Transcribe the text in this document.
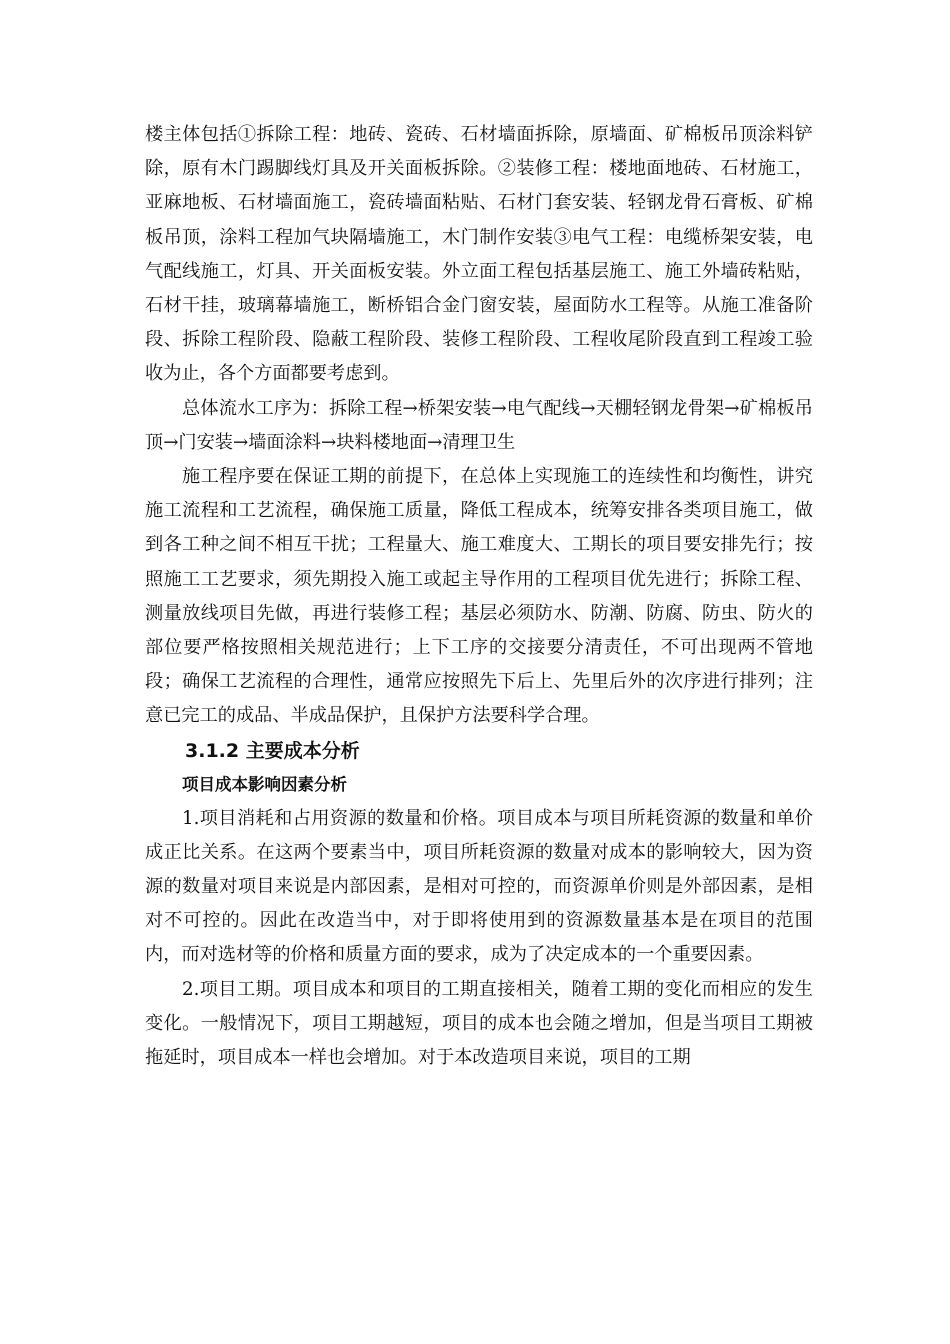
楼主体包括①拆除工程：地砖、瓷砖、石材墙面拆除，原墙面、矿棉板吊顶涂料铲除，原有木门踢脚线灯具及开关面板拆除。②装修工程：楼地面地砖、石材施工，亚麻地板、石材墙面施工，瓷砖墙面粘贴、石材门套安装、轻钢龙骨石膏板、矿棉板吊顶，涂料工程加气块隔墙施工，木门制作安装③电气工程：电缆桥架安装，电气配线施工，灯具、开关面板安装。外立面工程包括基层施工、施工外墙砖粘贴，石材干挂，玻璃幕墙施工，断桥铝合金门窗安装，屋面防水工程等。从施工准备阶段、拆除工程阶段、隐蔽工程阶段、装修工程阶段、工程收尾阶段直到工程竣工验收为止，各个方面都要考虑到。

总体流水工序为：拆除工程→桥架安装→电气配线→天棚轻钢龙骨架→矿棉板吊顶→门安装→墙面涂料→块料楼地面→清理卫生

施工程序要在保证工期的前提下，在总体上实现施工的连续性和均衡性，讲究施工流程和工艺流程，确保施工质量，降低工程成本，统筹安排各类项目施工，做到各工种之间不相互干扰；工程量大、施工难度大、工期长的项目要安排先行；按照施工工艺要求，须先期投入施工或起主导作用的工程项目优先进行；拆除工程、测量放线项目先做，再进行装修工程；基层必须防水、防潮、防腐、防虫、防火的部位要严格按照相关规范进行；上下工序的交接要分清责任，不可出现两不管地段；确保工艺流程的合理性，通常应按照先下后上、先里后外的次序进行排列；注意已完工的成品、半成品保护，且保护方法要科学合理。

3.1.2 主要成本分析
项目成本影响因素分析

1.项目消耗和占用资源的数量和价格。项目成本与项目所耗资源的数量和单价成正比关系。在这两个要素当中，项目所耗资源的数量对成本的影响较大，因为资源的数量对项目来说是内部因素，是相对可控的，而资源单价则是外部因素，是相对不可控的。因此在改造当中，对于即将使用到的资源数量基本是在项目的范围内，而对选材等的价格和质量方面的要求，成为了决定成本的一个重要因素。

2.项目工期。项目成本和项目的工期直接相关，随着工期的变化而相应的发生变化。一般情况下，项目工期越短，项目的成本也会随之增加，但是当项目工期被拖延时，项目成本一样也会增加。对于本改造项目来说，项目的工期
